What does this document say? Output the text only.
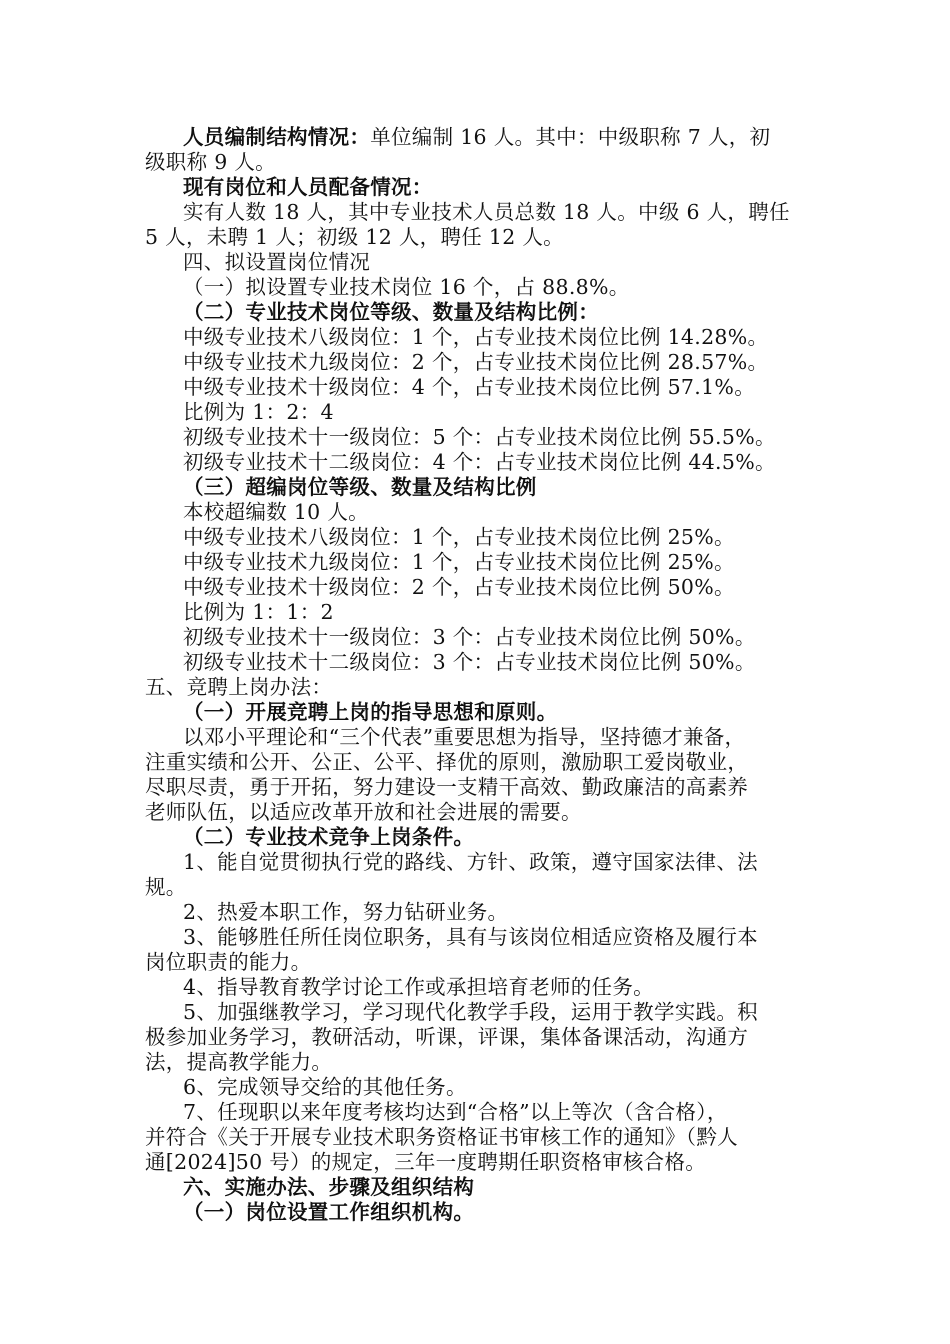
人员编制结构情况：单位编制 16 人。其中：中级职称 7 人，初
级职称 9 人。
现有岗位和人员配备情况：
实有人数 18 人，其中专业技术人员总数 18 人。中级 6 人，聘任
5 人，未聘 1 人；初级 12 人，聘任 12 人。
四、拟设置岗位情况
（一）拟设置专业技术岗位 16 个，占 88.8%。
（二）专业技术岗位等级、数量及结构比例：
中级专业技术八级岗位：1 个，占专业技术岗位比例 14.28%。
中级专业技术九级岗位：2 个，占专业技术岗位比例 28.57%。
中级专业技术十级岗位：4 个，占专业技术岗位比例 57.1%。
比例为 1：2：4
初级专业技术十一级岗位：5 个：占专业技术岗位比例 55.5%。
初级专业技术十二级岗位：4 个：占专业技术岗位比例 44.5%。
（三）超编岗位等级、数量及结构比例
本校超编数 10 人。
中级专业技术八级岗位：1 个，占专业技术岗位比例 25%。
中级专业技术九级岗位：1 个，占专业技术岗位比例 25%。
中级专业技术十级岗位：2 个，占专业技术岗位比例 50%。
比例为 1：1：2
初级专业技术十一级岗位：3 个：占专业技术岗位比例 50%。
初级专业技术十二级岗位：3 个：占专业技术岗位比例 50%。
五、竞聘上岗办法：
（一）开展竞聘上岗的指导思想和原则。
以邓小平理论和“三个代表”重要思想为指导，坚持德才兼备，
注重实绩和公开、公正、公平、择优的原则，激励职工爱岗敬业，
尽职尽责，勇于开拓，努力建设一支精干高效、勤政廉洁的高素养
老师队伍，以适应改革开放和社会进展的需要。
（二）专业技术竞争上岗条件。
1、能自觉贯彻执行党的路线、方针、政策，遵守国家法律、法
规。
2、热爱本职工作，努力钻研业务。
3、能够胜任所任岗位职务，具有与该岗位相适应资格及履行本
岗位职责的能力。
4、指导教育教学讨论工作或承担培育老师的任务。
5、加强继教学习，学习现代化教学手段，运用于教学实践。积
极参加业务学习，教研活动，听课，评课，集体备课活动，沟通方
法，提高教学能力。
6、完成领导交给的其他任务。
7、任现职以来年度考核均达到“合格”以上等次（含合格），
并符合《关于开展专业技术职务资格证书审核工作的通知》（黔人
通[2024]50 号）的规定，三年一度聘期任职资格审核合格。
六、实施办法、步骤及组织结构
（一）岗位设置工作组织机构。
